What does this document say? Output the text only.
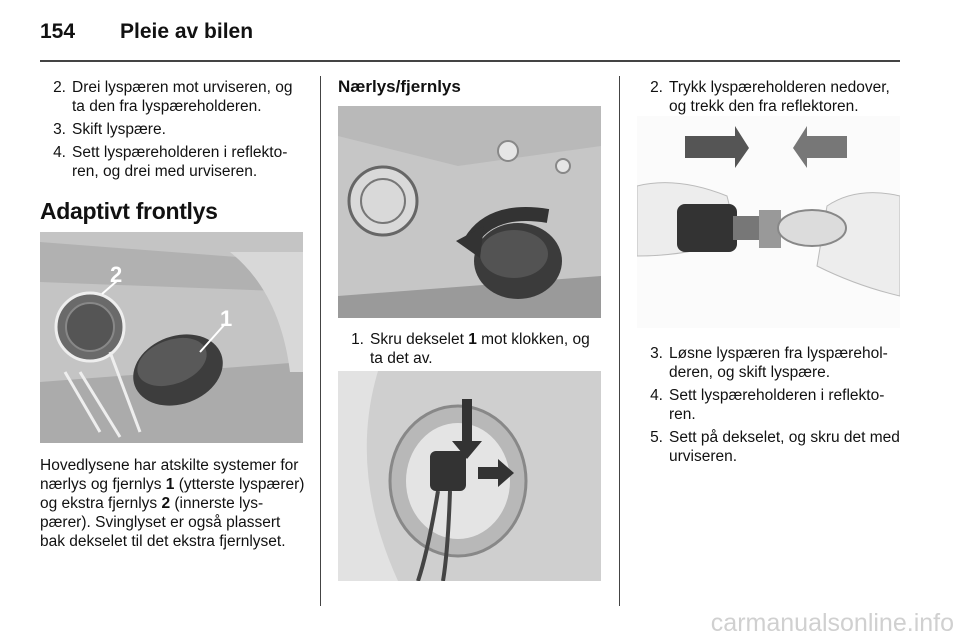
154	Pleie av bilen
2. Drei lyspæren mot urviseren, og ta den fra lyspæreholderen.
3. Skift lyspære.
4. Sett lyspæreholderen i reflektoren, og drei med urviseren.
Adaptivt frontlys
2
1

Hovedlysene har atskilte systemer for nærlys og fjernlys 1 (ytterste lyspærer) og ekstra fjernlys 2 (innerste lyspærer). Svinglyset er også plassert bak dekselet til det ekstra fjernlyset.

Nærlys/fjernlys
1. Skru dekselet 1 mot klokken, og ta det av.
2. Trykk lyspæreholderen nedover, og trekk den fra reflektoren.
3. Løsne lyspæren fra lyspæreholderen, og skift lyspære.
4. Sett lyspæreholderen i reflektoren.
5. Sett på dekselet, og skru det med urviseren.
carmanualsonline.info
